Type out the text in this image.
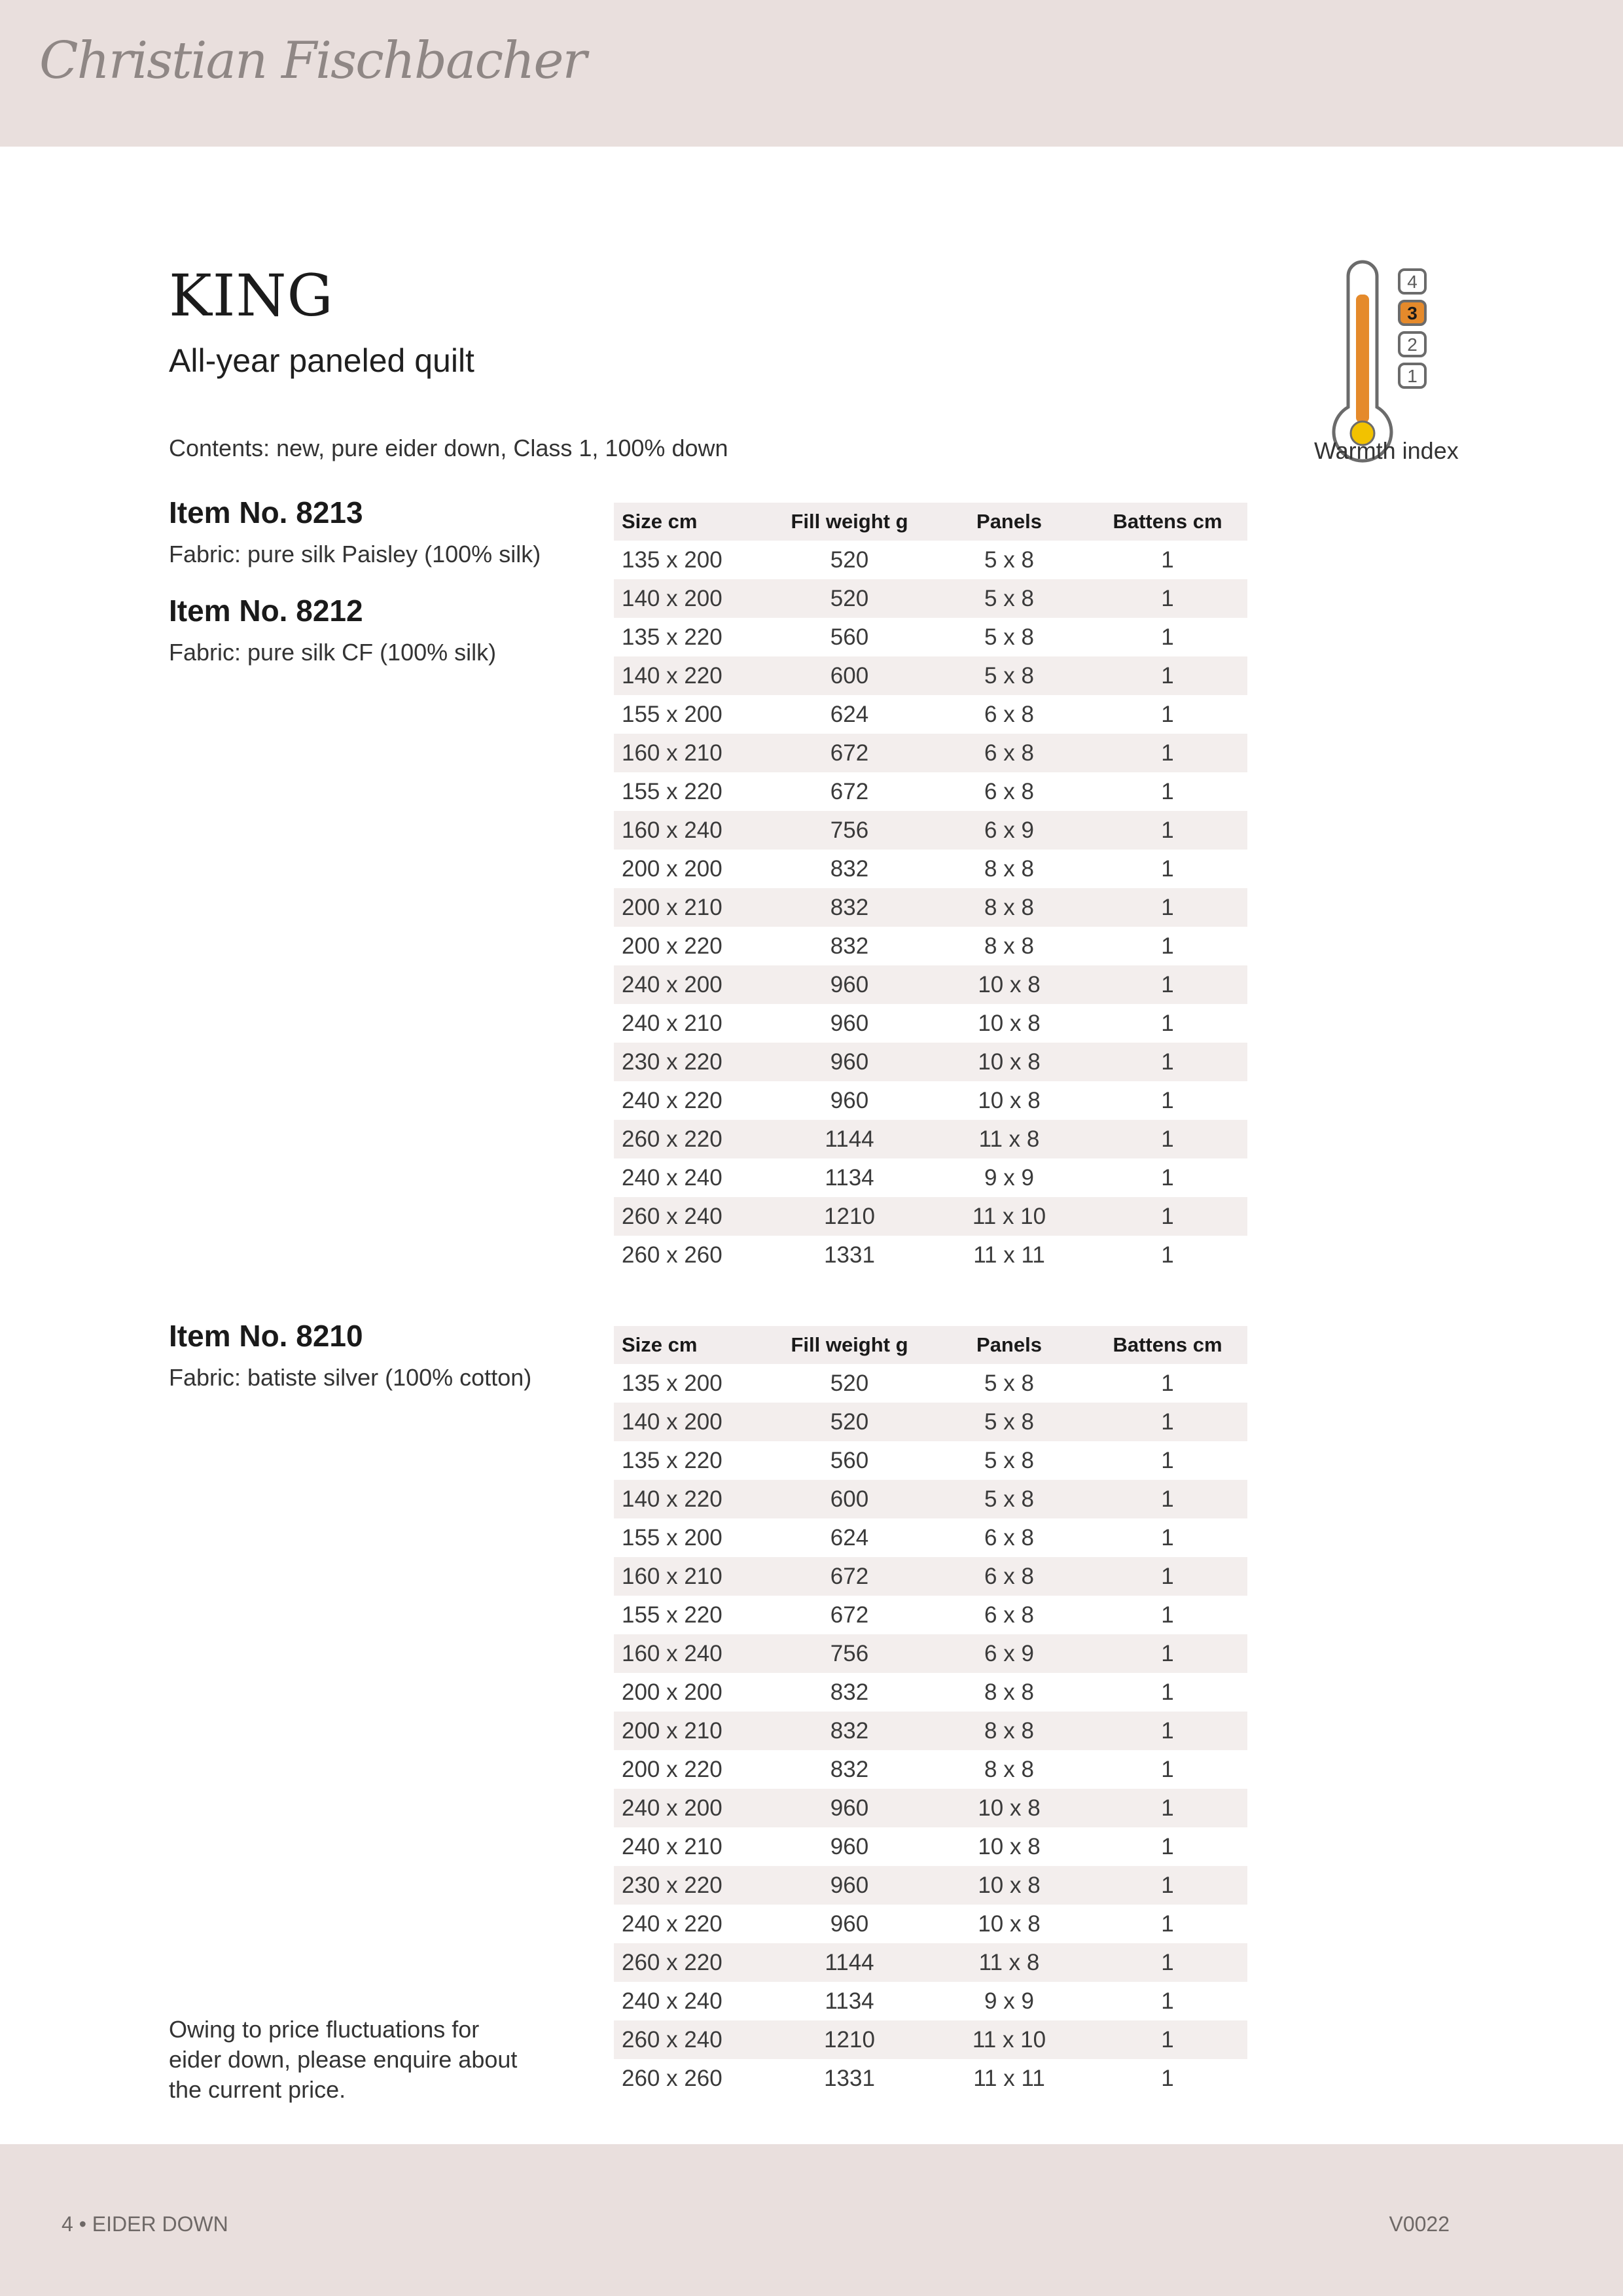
Christian Fischbacher
KING
All-year paneled quilt
Contents: new, pure eider down, Class 1, 100% down
4
3
2
1
Warmth index
Item No. 8213
Fabric: pure silk Paisley (100% silk)
Item No. 8212
Fabric: pure silk CF (100% silk)
Size cm	Fill weight g	Panels	Battens cm
135 x 200	520	5 x 8	1
140 x 200	520	5 x 8	1
135 x 220	560	5 x 8	1
140 x 220	600	5 x 8	1
155 x 200	624	6 x 8	1
160 x 210	672	6 x 8	1
155 x 220	672	6 x 8	1
160 x 240	756	6 x 9	1
200 x 200	832	8 x 8	1
200 x 210	832	8 x 8	1
200 x 220	832	8 x 8	1
240 x 200	960	10 x 8	1
240 x 210	960	10 x 8	1
230 x 220	960	10 x 8	1
240 x 220	960	10 x 8	1
260 x 220	1144	11 x 8	1
240 x 240	1134	9 x 9	1
260 x 240	1210	11 x 10	1
260 x 260	1331	11 x 11	1
Item No. 8210
Fabric: batiste silver (100% cotton)
Size cm	Fill weight g	Panels	Battens cm
135 x 200	520	5 x 8	1
140 x 200	520	5 x 8	1
135 x 220	560	5 x 8	1
140 x 220	600	5 x 8	1
155 x 200	624	6 x 8	1
160 x 210	672	6 x 8	1
155 x 220	672	6 x 8	1
160 x 240	756	6 x 9	1
200 x 200	832	8 x 8	1
200 x 210	832	8 x 8	1
200 x 220	832	8 x 8	1
240 x 200	960	10 x 8	1
240 x 210	960	10 x 8	1
230 x 220	960	10 x 8	1
240 x 220	960	10 x 8	1
260 x 220	1144	11 x 8	1
240 x 240	1134	9 x 9	1
260 x 240	1210	11 x 10	1
260 x 260	1331	11 x 11	1
Owing to price fluctuations for eider down, please enquire about the current price.
4 • EIDER DOWN	V0022
